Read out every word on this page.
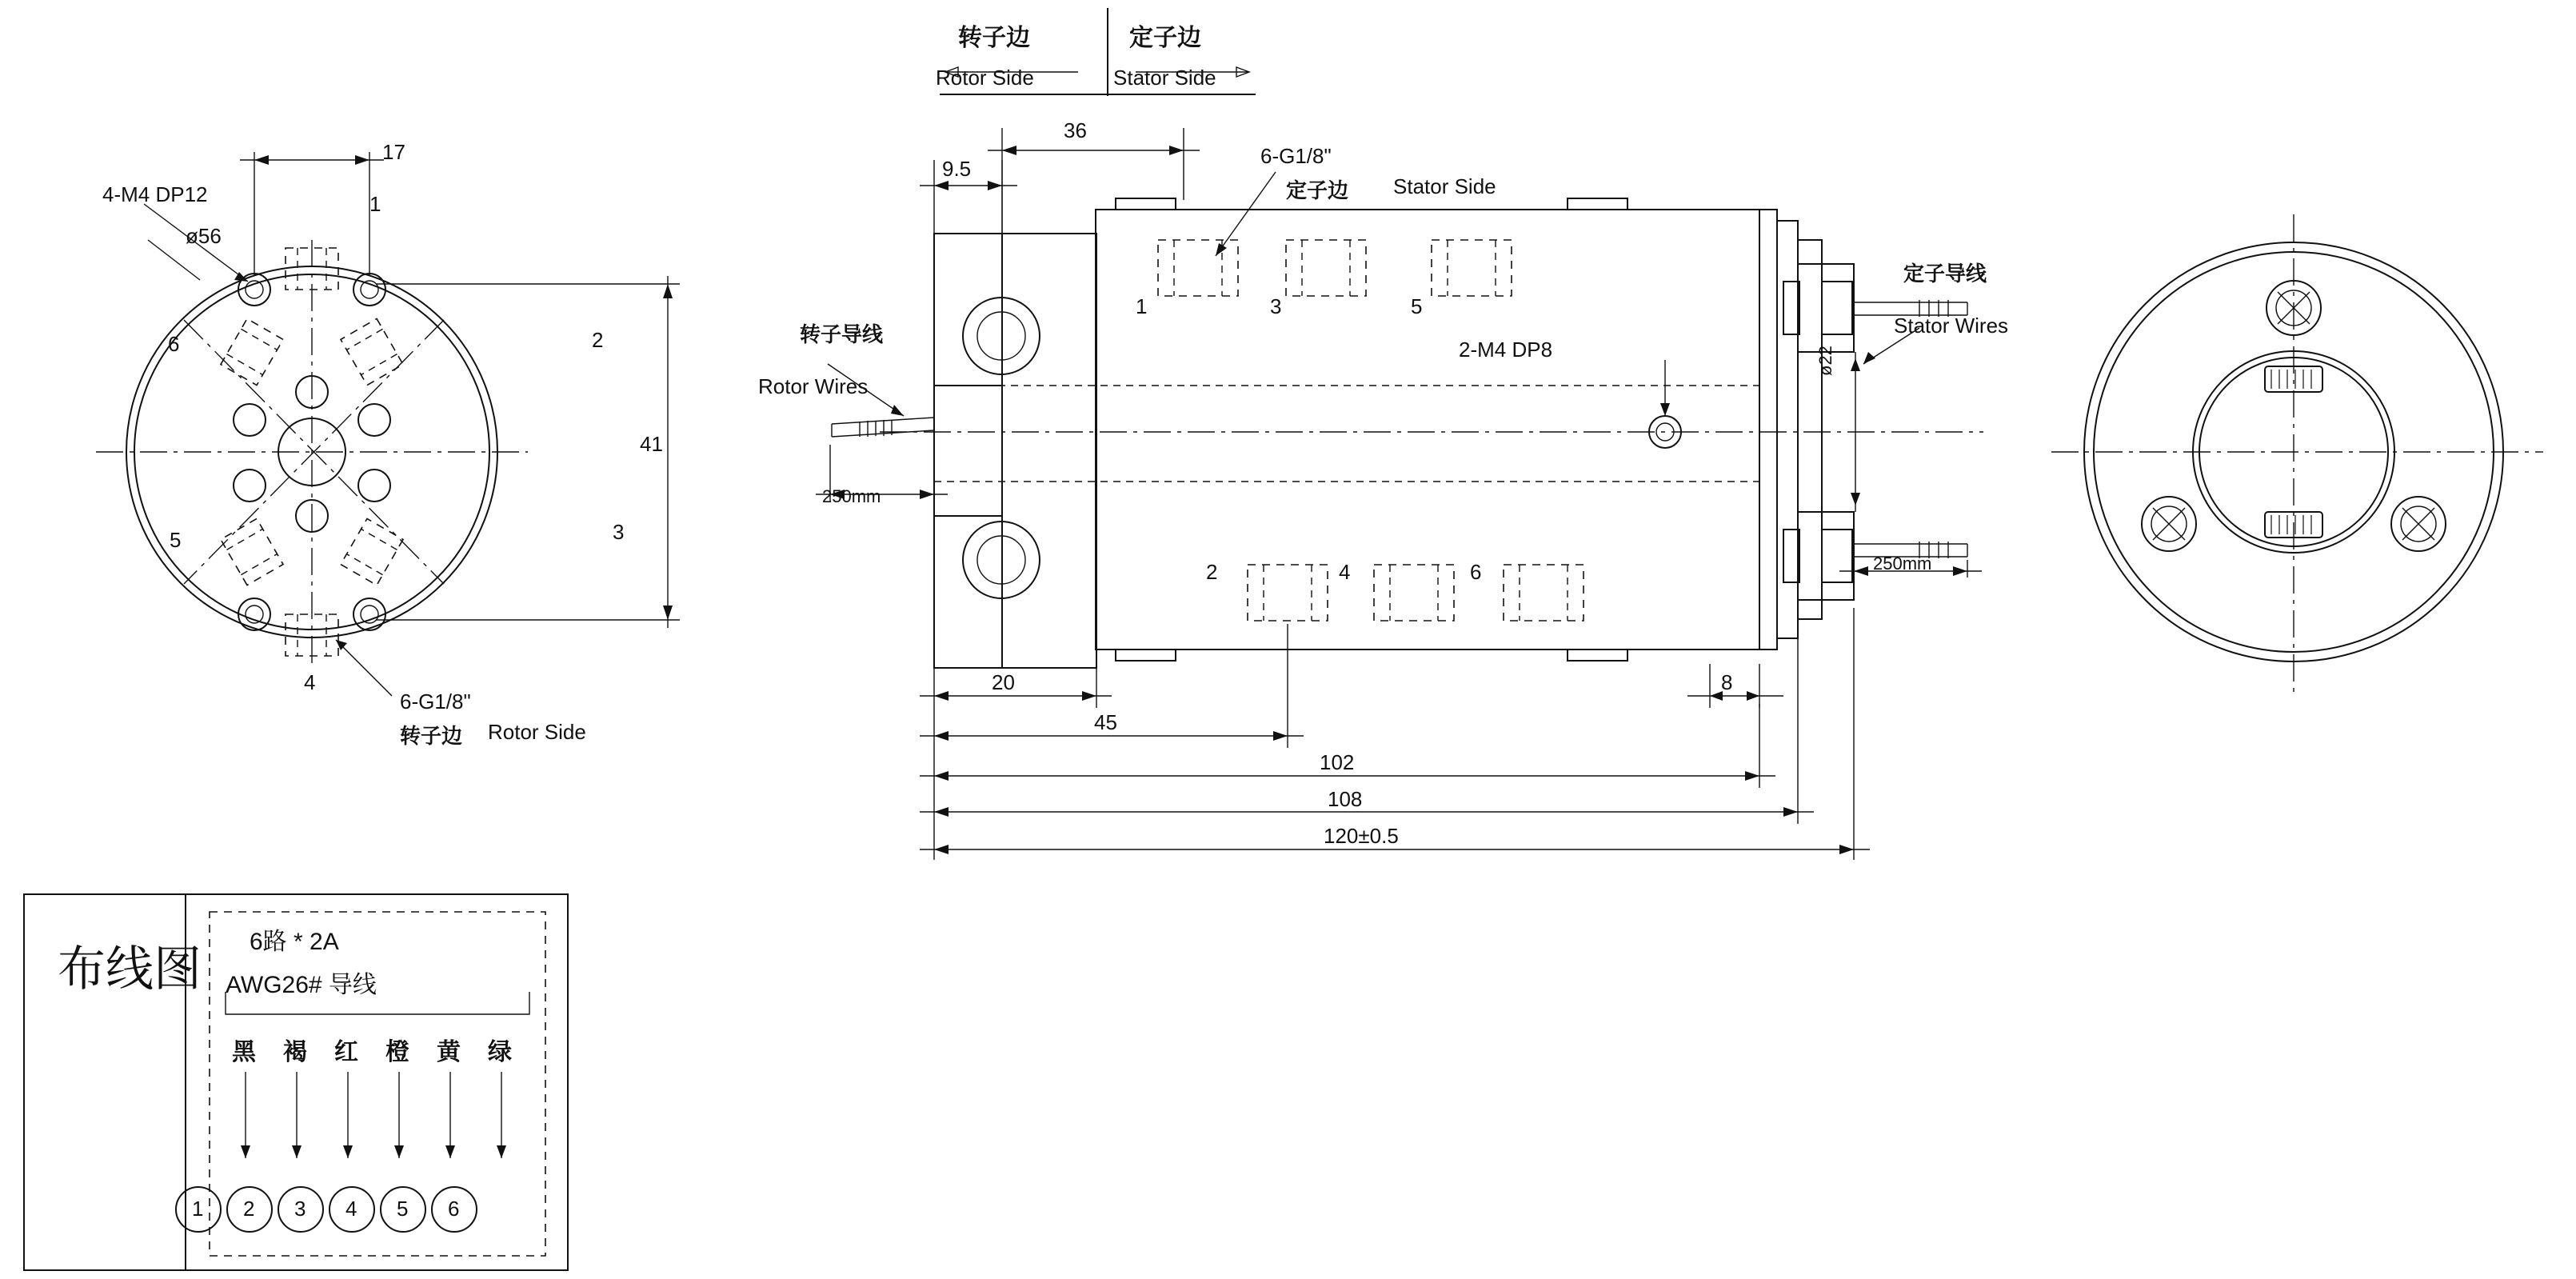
转子边	定子边
Rotor Side	Stator Side
17
41
ø56
4-M4 DP12
6-G1/8"
转子边 Rotor Side
1
2
3
4
5
6
9.5
36
20
45
8
102
108
120±0.5
ø22
6-G1/8"
定子边 Stator Side
2-M4 DP8
转子导线
Rotor Wires
定子导线
Stator Wires
250mm
250mm
1	3	5
2	4	6
布线图
6路 * 2A
AWG26# 导线
黑 褐 红 橙 黄 绿
1 2 3 4 5 6
